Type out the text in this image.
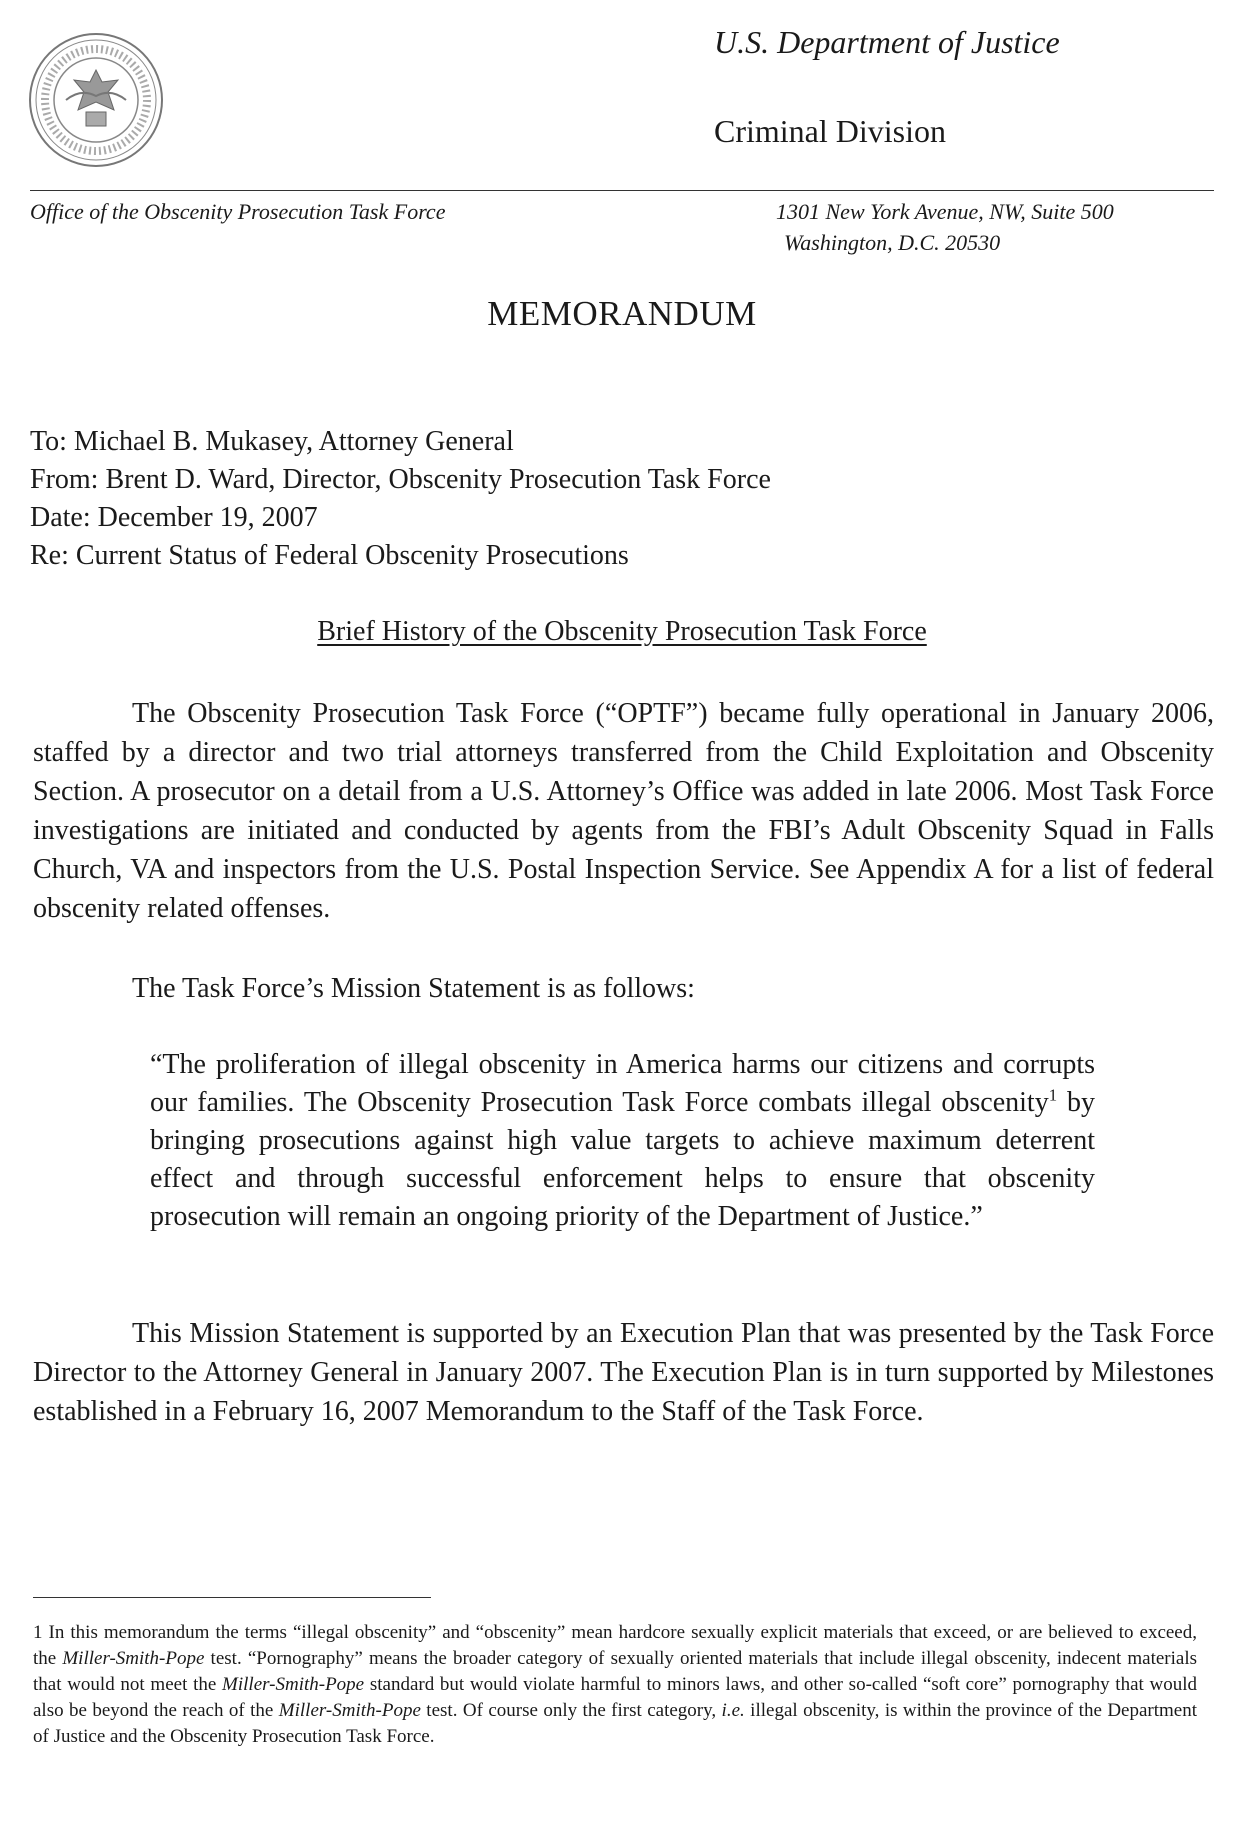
U.S. Department of Justice
Criminal Division
Office of the Obscenity Prosecution Task Force	1301 New York Avenue, NW, Suite 500
Washington, D.C. 20530
MEMORANDUM
To: Michael B. Mukasey, Attorney General
From: Brent D. Ward, Director, Obscenity Prosecution Task Force
Date: December 19, 2007
Re: Current Status of Federal Obscenity Prosecutions
Brief History of the Obscenity Prosecution Task Force

The Obscenity Prosecution Task Force (“OPTF”) became fully operational in January 2006, staffed by a director and two trial attorneys transferred from the Child Exploitation and Obscenity Section. A prosecutor on a detail from a U.S. Attorney’s Office was added in late 2006. Most Task Force investigations are initiated and conducted by agents from the FBI’s Adult Obscenity Squad in Falls Church, VA and inspectors from the U.S. Postal Inspection Service. See Appendix A for a list of federal obscenity related offenses.

The Task Force’s Mission Statement is as follows:

“The proliferation of illegal obscenity in America harms our citizens and corrupts our families. The Obscenity Prosecution Task Force combats illegal obscenity$^1$ by bringing prosecutions against high value targets to achieve maximum deterrent effect and through successful enforcement helps to ensure that obscenity prosecution will remain an ongoing priority of the Department of Justice.”

This Mission Statement is supported by an Execution Plan that was presented by the Task Force Director to the Attorney General in January 2007. The Execution Plan is in turn supported by Milestones established in a February 16, 2007 Memorandum to the Staff of the Task Force.

1 In this memorandum the terms “illegal obscenity” and “obscenity” mean hardcore sexually explicit materials that exceed, or are believed to exceed, the Miller-Smith-Pope test. “Pornography” means the broader category of sexually oriented materials that include illegal obscenity, indecent materials that would not meet the Miller-Smith-Pope standard but would violate harmful to minors laws, and other so-called “soft core” pornography that would also be beyond the reach of the Miller-Smith-Pope test. Of course only the first category, i.e. illegal obscenity, is within the province of the Department of Justice and the Obscenity Prosecution Task Force.
